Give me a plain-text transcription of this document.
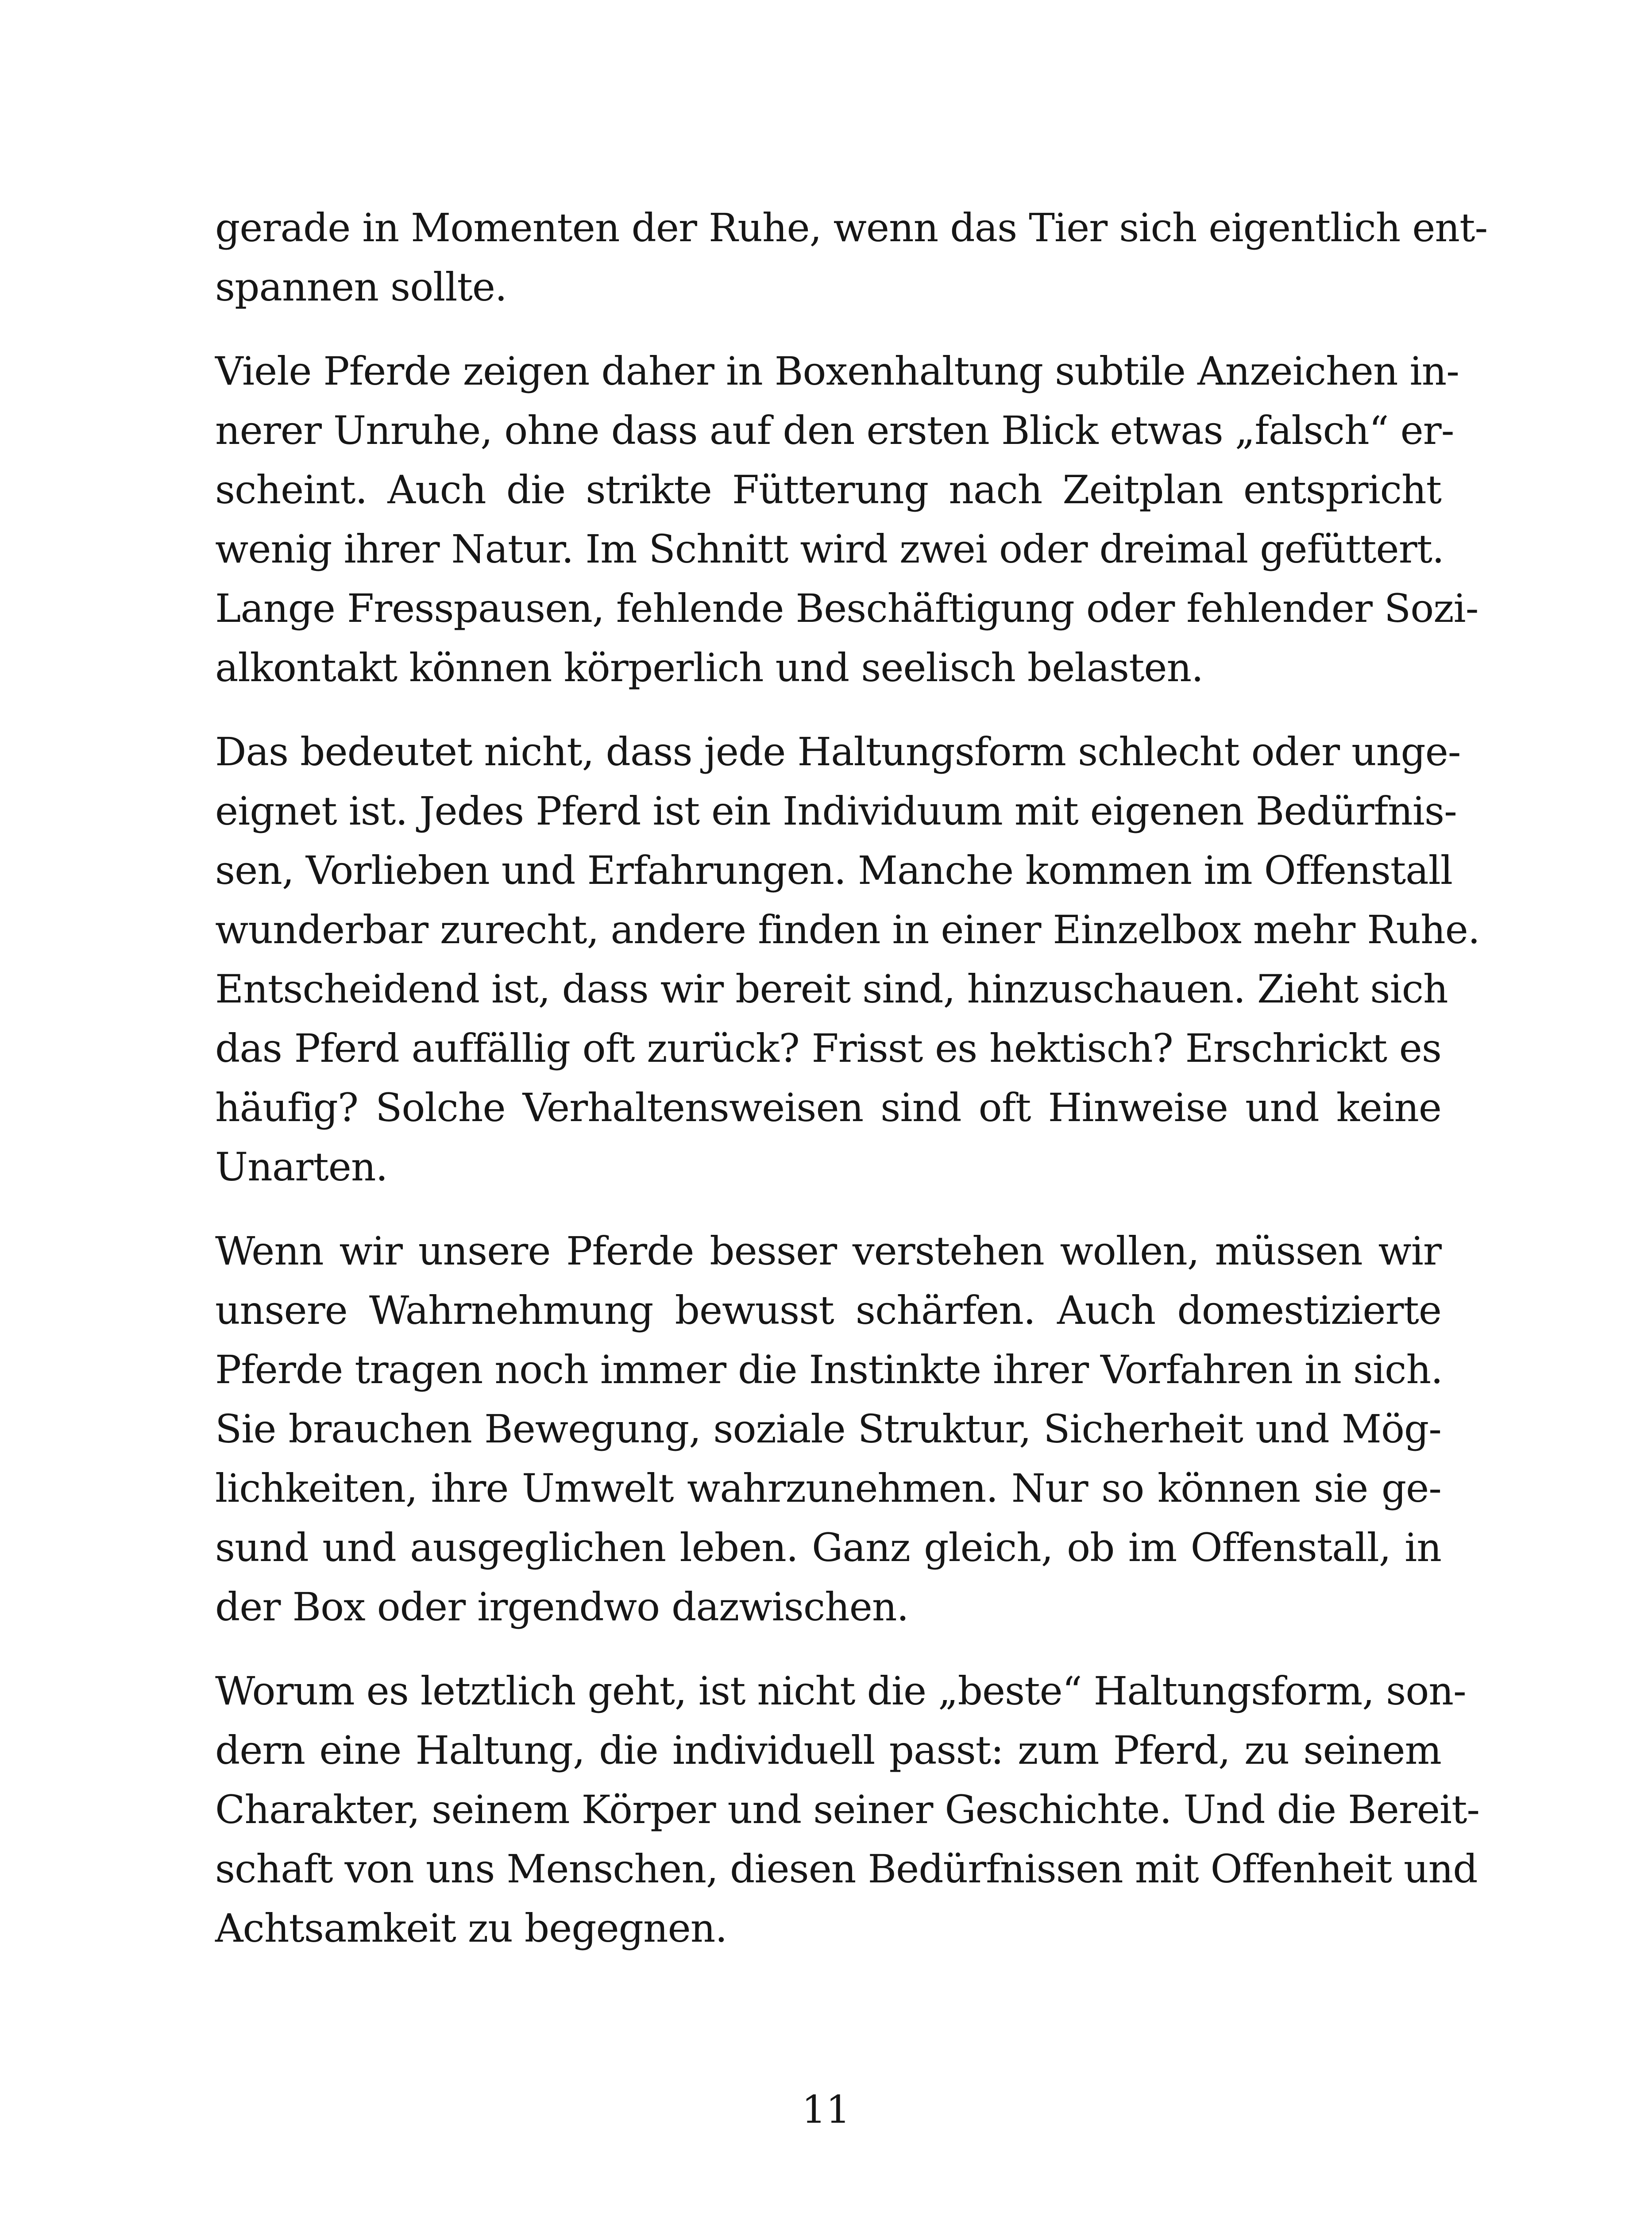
gerade in Momenten der Ruhe, wenn das Tier sich eigentlich ent-
spannen sollte.
Viele Pferde zeigen daher in Boxenhaltung subtile Anzeichen in-
nerer Unruhe, ohne dass auf den ersten Blick etwas „falsch“ er-
scheint. Auch die strikte Fütterung nach Zeitplan entspricht
wenig ihrer Natur. Im Schnitt wird zwei oder dreimal gefüttert.
Lange Fresspausen, fehlende Beschäftigung oder fehlender Sozi-
alkontakt können körperlich und seelisch belasten.
Das bedeutet nicht, dass jede Haltungsform schlecht oder unge-
eignet ist. Jedes Pferd ist ein Individuum mit eigenen Bedürfnis-
sen, Vorlieben und Erfahrungen. Manche kommen im Offenstall
wunderbar zurecht, andere finden in einer Einzelbox mehr Ruhe.
Entscheidend ist, dass wir bereit sind, hinzuschauen. Zieht sich
das Pferd auffällig oft zurück? Frisst es hektisch? Erschrickt es
häufig? Solche Verhaltensweisen sind oft Hinweise und keine
Unarten.
Wenn wir unsere Pferde besser verstehen wollen, müssen wir
unsere Wahrnehmung bewusst schärfen. Auch domestizierte
Pferde tragen noch immer die Instinkte ihrer Vorfahren in sich.
Sie brauchen Bewegung, soziale Struktur, Sicherheit und Mög-
lichkeiten, ihre Umwelt wahrzunehmen. Nur so können sie ge-
sund und ausgeglichen leben. Ganz gleich, ob im Offenstall, in
der Box oder irgendwo dazwischen.
Worum es letztlich geht, ist nicht die „beste“ Haltungsform, son-
dern eine Haltung, die individuell passt: zum Pferd, zu seinem
Charakter, seinem Körper und seiner Geschichte. Und die Bereit-
schaft von uns Menschen, diesen Bedürfnissen mit Offenheit und
Achtsamkeit zu begegnen.
11
